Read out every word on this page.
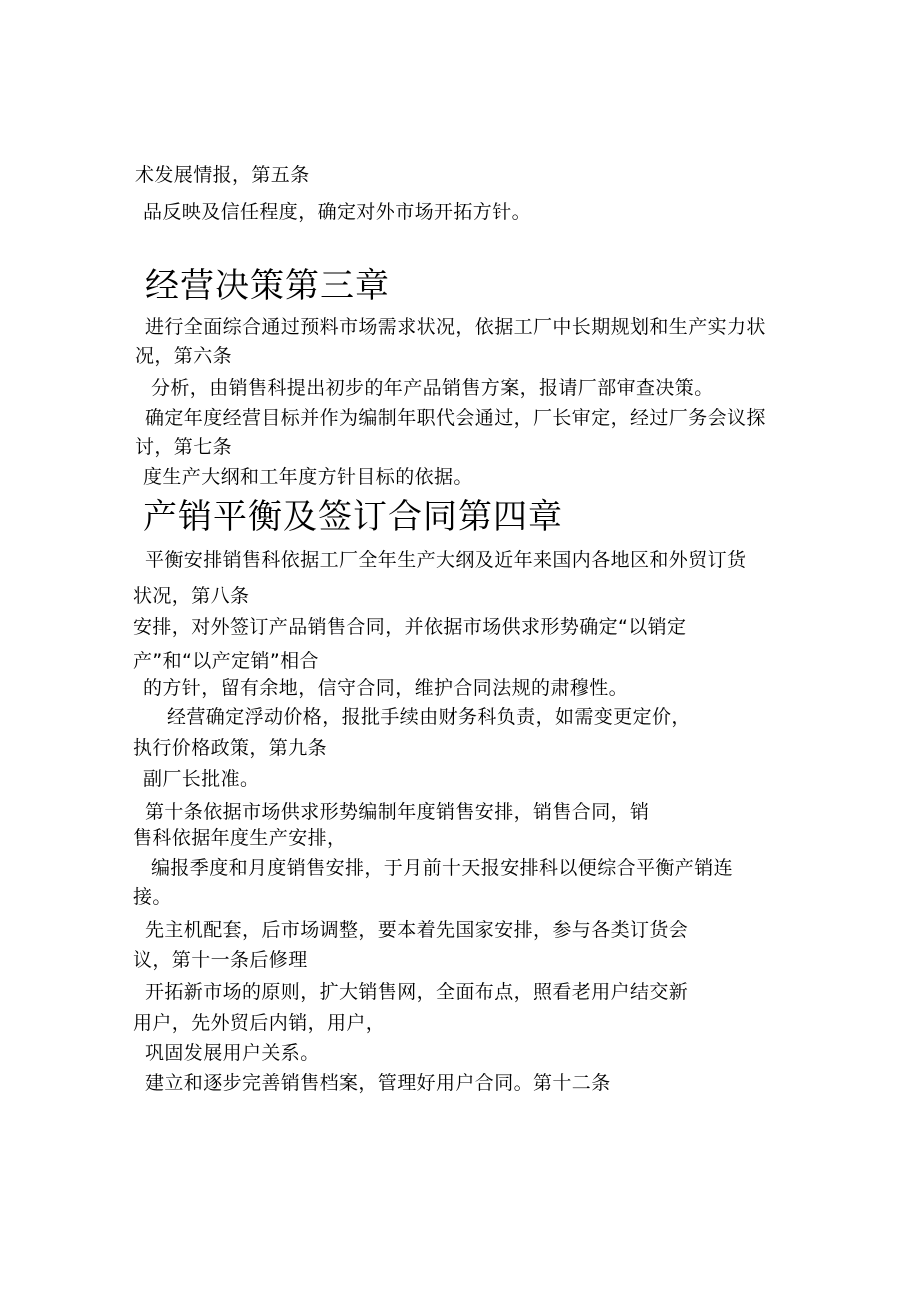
术发展情报，第五条
品反映及信任程度，确定对外市场开拓方针。
经营决策第三章
进行全面综合通过预料市场需求状况，依据工厂中长期规划和生产实力状
况，第六条
分析，由销售科提出初步的年产品销售方案，报请厂部审查决策。
确定年度经营目标并作为编制年职代会通过，厂长审定，经过厂务会议探
讨，第七条
度生产大纲和工年度方针目标的依据。
产销平衡及签订合同第四章
平衡安排销售科依据工厂全年生产大纲及近年来国内各地区和外贸订货
状况，第八条
安排，对外签订产品销售合同，并依据市场供求形势确定“以销定
产”和“以产定销”相合
的方针，留有余地，信守合同，维护合同法规的肃穆性。
经营确定浮动价格，报批手续由财务科负责，如需变更定价，
执行价格政策，第九条
副厂长批准。
第十条依据市场供求形势编制年度销售安排，销售合同，销
售科依据年度生产安排，
编报季度和月度销售安排，于月前十天报安排科以便综合平衡产销连
接。
先主机配套，后市场调整，要本着先国家安排，参与各类订货会
议，第十一条后修理
开拓新市场的原则，扩大销售网，全面布点，照看老用户结交新
用户，先外贸后内销，用户，
巩固发展用户关系。
建立和逐步完善销售档案，管理好用户合同。第十二条
